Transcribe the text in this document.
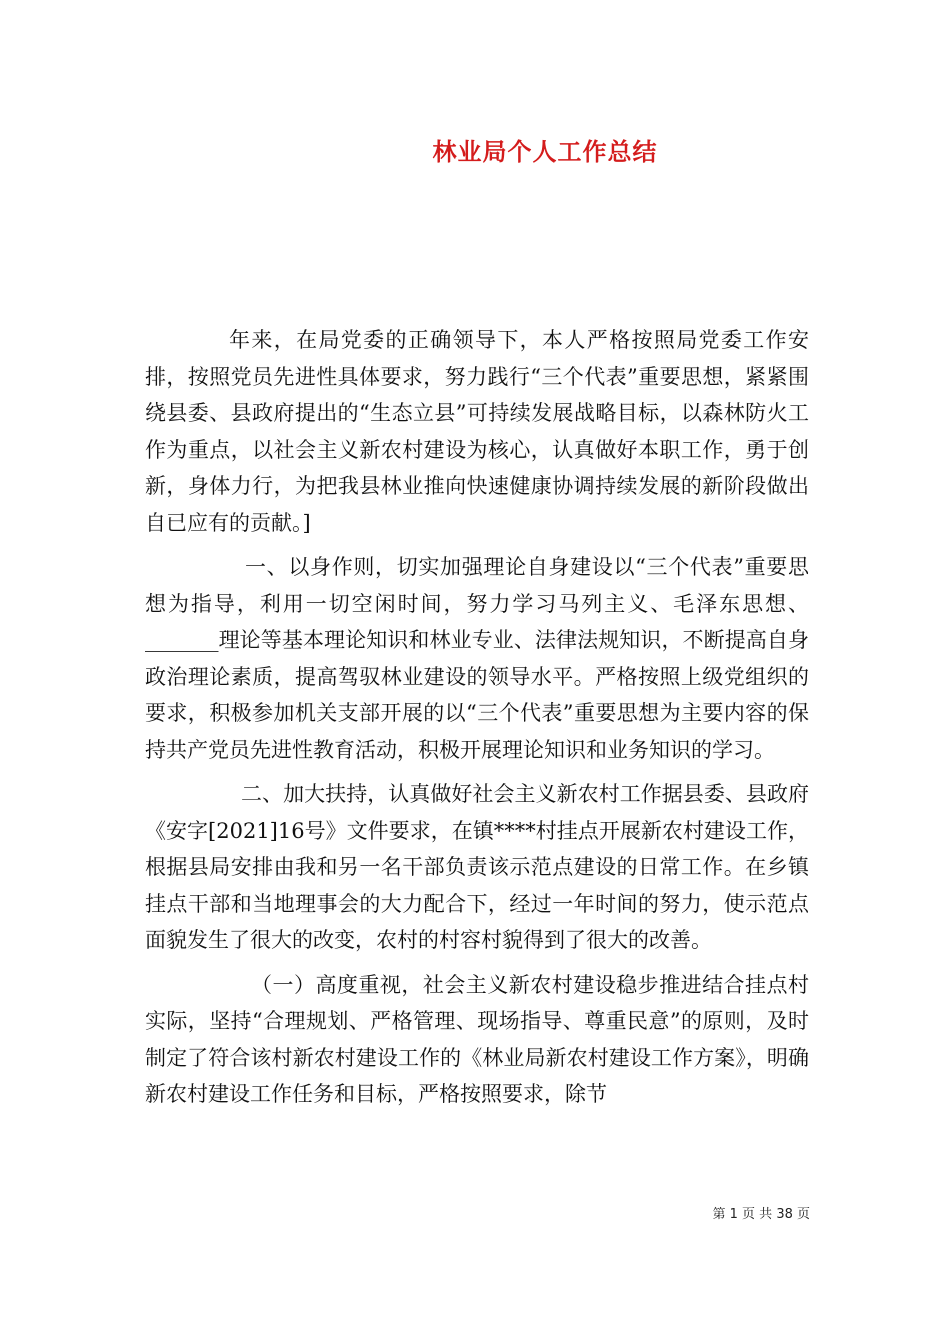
林业局个人工作总结

年来，在局党委的正确领导下，本人严格按照局党委工作安排，按照党员先进性具体要求，努力践行“三个代表”重要思想，紧紧围绕县委、县政府提出的“生态立县”可持续发展战略目标，以森林防火工作为重点，以社会主义新农村建设为核心，认真做好本职工作，勇于创新，身体力行，为把我县林业推向快速健康协调持续发展的新阶段做出自已应有的贡献。]

一、以身作则，切实加强理论自身建设以“三个代表”重要思想为指导，利用一切空闲时间，努力学习马列主义、毛泽东思想、_______理论等基本理论知识和林业专业、法律法规知识，不断提高自身政治理论素质，提高驾驭林业建设的领导水平。严格按照上级党组织的要求，积极参加机关支部开展的以“三个代表”重要思想为主要内容的保持共产党员先进性教育活动，积极开展理论知识和业务知识的学习。

二、加大扶持，认真做好社会主义新农村工作据县委、县政府《安字[2021]16号》文件要求，在镇****村挂点开展新农村建设工作，根据县局安排由我和另一名干部负责该示范点建设的日常工作。在乡镇挂点干部和当地理事会的大力配合下，经过一年时间的努力，使示范点面貌发生了很大的改变，农村的村容村貌得到了很大的改善。

（一）高度重视，社会主义新农村建设稳步推进结合挂点村实际，坚持“合理规划、严格管理、现场指导、尊重民意”的原则，及时制定了符合该村新农村建设工作的《林业局新农村建设工作方案》，明确新农村建设工作任务和目标，严格按照要求，除节

第 1 页 共 38 页
